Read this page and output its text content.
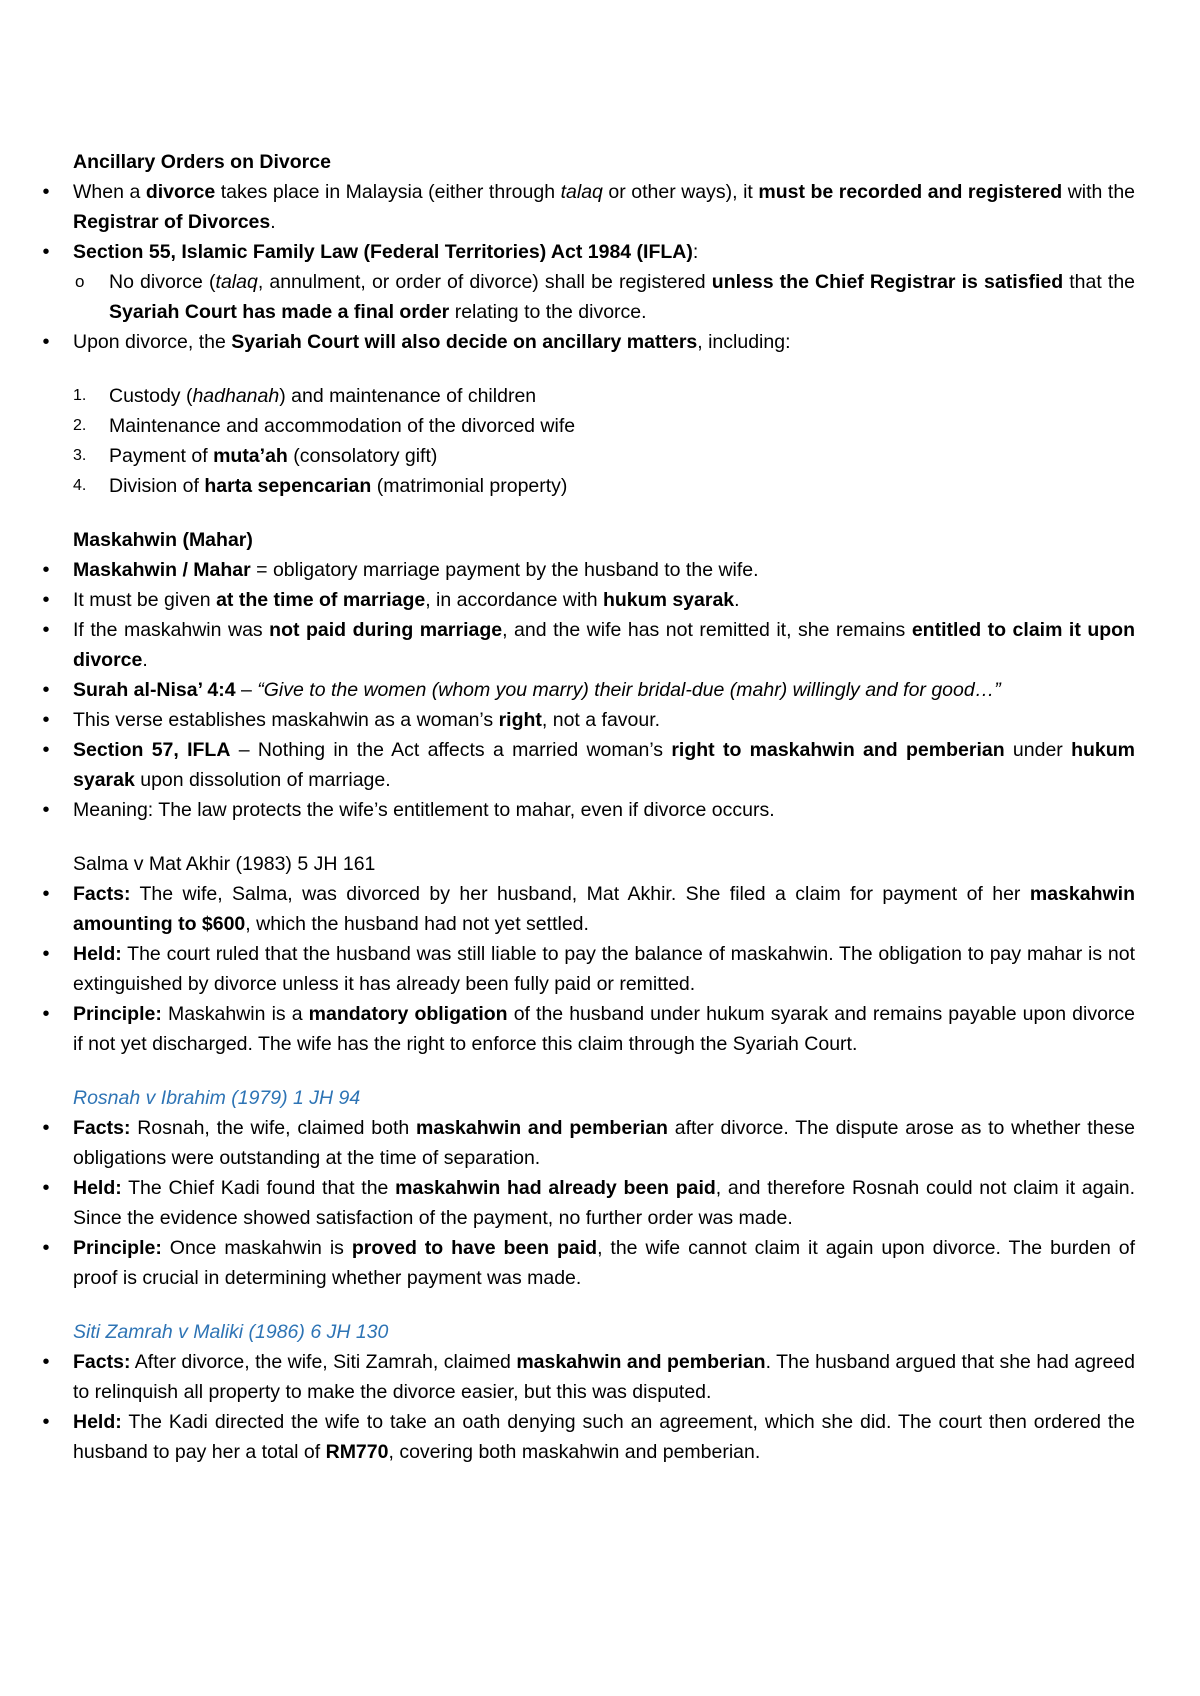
Ancillary Orders on Divorce

•	When a divorce takes place in Malaysia (either through talaq or other ways), it must be recorded and registered with the Registrar of Divorces.
•	Section 55, Islamic Family Law (Federal Territories) Act 1984 (IFLA):
o No divorce (talaq, annulment, or order of divorce) shall be registered unless the Chief Registrar is satisfied that the Syariah Court has made a final order relating to the divorce.
•	Upon divorce, the Syariah Court will also decide on ancillary matters, including:
1. Custody (hadhanah) and maintenance of children
2. Maintenance and accommodation of the divorced wife
3. Payment of muta’ah (consolatory gift)
4. Division of harta sepencarian (matrimonial property)

Maskahwin (Mahar)

•	Maskahwin / Mahar = obligatory marriage payment by the husband to the wife.
•	It must be given at the time of marriage, in accordance with hukum syarak.
•	If the maskahwin was not paid during marriage, and the wife has not remitted it, she remains entitled to claim it upon divorce.
•	Surah al-Nisa’ 4:4 – “Give to the women (whom you marry) their bridal-due (mahr) willingly and for good…”
•	This verse establishes maskahwin as a woman’s right, not a favour.
•	Section 57, IFLA – Nothing in the Act affects a married woman’s right to maskahwin and pemberian under hukum syarak upon dissolution of marriage.
•	Meaning: The law protects the wife’s entitlement to mahar, even if divorce occurs.

Salma v Mat Akhir (1983) 5 JH 161

•	Facts: The wife, Salma, was divorced by her husband, Mat Akhir. She filed a claim for payment of her maskahwin amounting to $600, which the husband had not yet settled.
•	Held: The court ruled that the husband was still liable to pay the balance of maskahwin. The obligation to pay mahar is not extinguished by divorce unless it has already been fully paid or remitted.
•	Principle: Maskahwin is a mandatory obligation of the husband under hukum syarak and remains payable upon divorce if not yet discharged. The wife has the right to enforce this claim through the Syariah Court.

Rosnah v Ibrahim (1979) 1 JH 94

•	Facts: Rosnah, the wife, claimed both maskahwin and pemberian after divorce. The dispute arose as to whether these obligations were outstanding at the time of separation.
•	Held: The Chief Kadi found that the maskahwin had already been paid, and therefore Rosnah could not claim it again. Since the evidence showed satisfaction of the payment, no further order was made.
•	Principle: Once maskahwin is proved to have been paid, the wife cannot claim it again upon divorce. The burden of proof is crucial in determining whether payment was made.

Siti Zamrah v Maliki (1986) 6 JH 130

•	Facts: After divorce, the wife, Siti Zamrah, claimed maskahwin and pemberian. The husband argued that she had agreed to relinquish all property to make the divorce easier, but this was disputed.
•	Held: The Kadi directed the wife to take an oath denying such an agreement, which she did. The court then ordered the husband to pay her a total of RM770, covering both maskahwin and pemberian.
